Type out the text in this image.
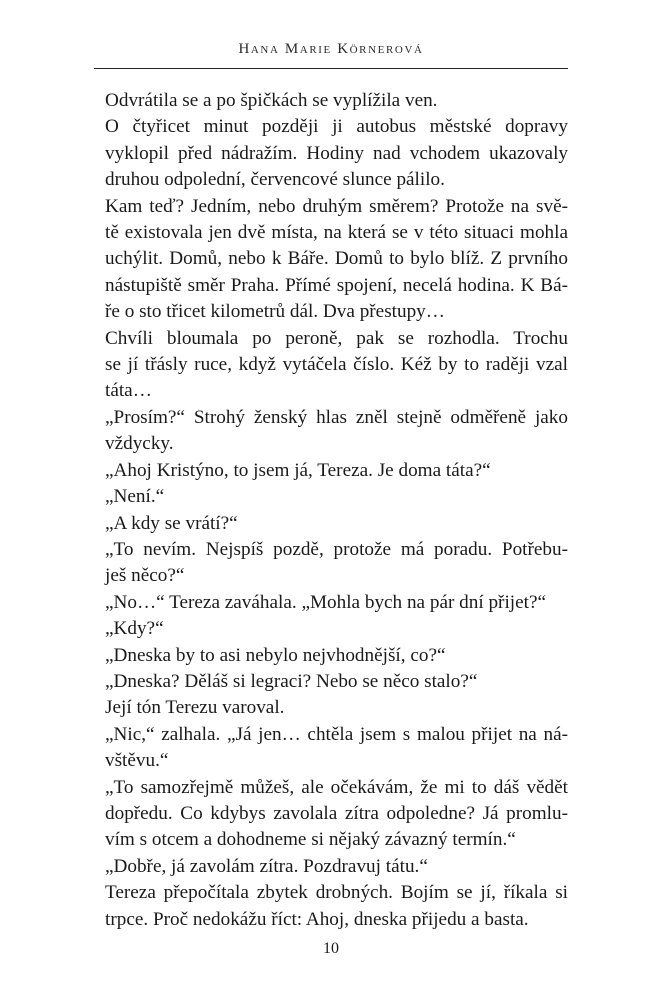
Hana Marie Körnerová

Odvrátila se a po špičkách se vyplížila ven.

O čtyřicet minut později ji autobus městské dopravy
vyklopil před nádražím. Hodiny nad vchodem ukazovaly
druhou odpolední, červencové slunce pálilo.

Kam teď? Jedním, nebo druhým směrem? Protože na svě-
tě existovala jen dvě místa, na která se v této situaci mohla
uchýlit. Domů, nebo k Báře. Domů to bylo blíž. Z prvního
nástupiště směr Praha. Přímé spojení, necelá hodina. K Bá-
ře o sto třicet kilometrů dál. Dva přestupy…

Chvíli bloumala po peroně, pak se rozhodla. Trochu
se jí třásly ruce, když vytáčela číslo. Kéž by to raději vzal
táta…

„Prosím?“ Strohý ženský hlas zněl stejně odměřeně jako
vždycky.

„Ahoj Kristýno, to jsem já, Tereza. Je doma táta?“

„Není.“

„A kdy se vrátí?“

„To nevím. Nejspíš pozdě, protože má poradu. Potřebu-
ješ něco?“

„No…“ Tereza zaváhala. „Mohla bych na pár dní přijet?“

„Kdy?“

„Dneska by to asi nebylo nejvhodnější, co?“

„Dneska? Děláš si legraci? Nebo se něco stalo?“

Její tón Terezu varoval.

„Nic,“ zalhala. „Já jen… chtěla jsem s malou přijet na ná-
vštěvu.“

„To samozřejmě můžeš, ale očekávám, že mi to dáš vědět
dopředu. Co kdybys zavolala zítra odpoledne? Já promlu-
vím s otcem a dohodneme si nějaký závazný termín.“

„Dobře, já zavolám zítra. Pozdravuj tátu.“

Tereza přepočítala zbytek drobných. Bojím se jí, říkala si
trpce. Proč nedokážu říct: Ahoj, dneska přijedu a basta.

10
